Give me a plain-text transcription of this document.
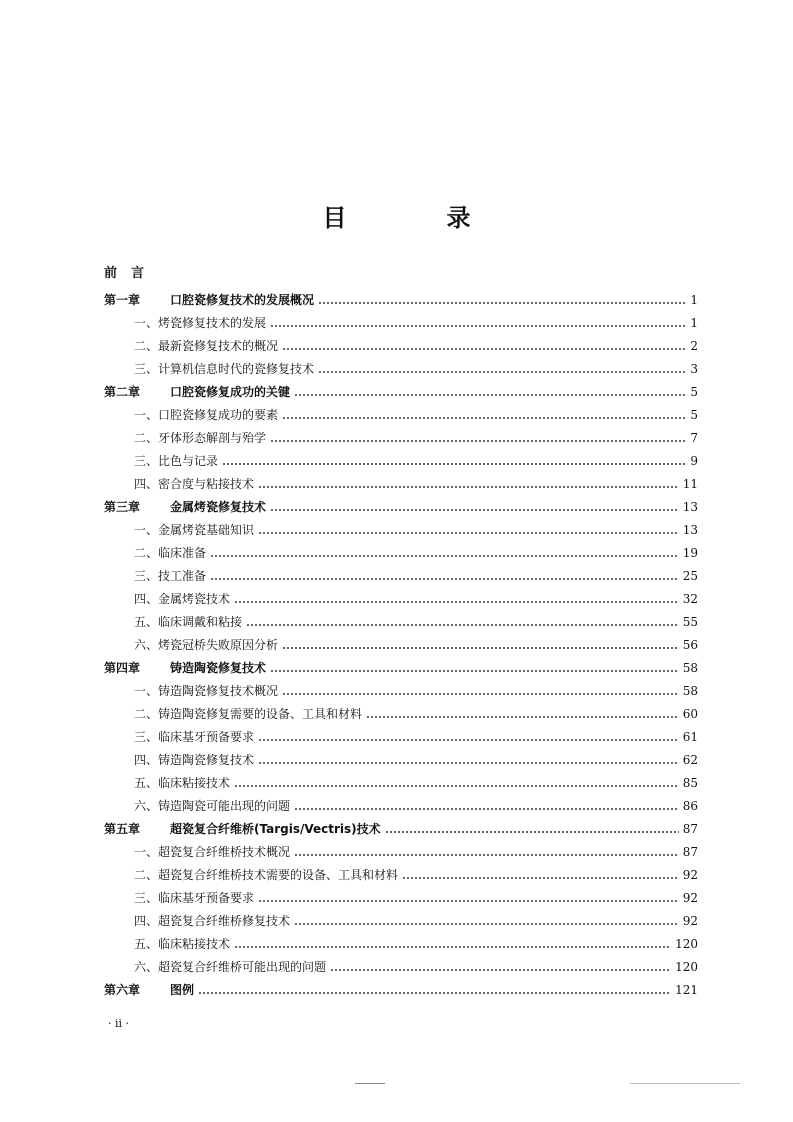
目	录
前 言
第一章 口腔瓷修复技术的发展概况	1
一、烤瓷修复技术的发展	1
二、最新瓷修复技术的概况	2
三、计算机信息时代的瓷修复技术	3
第二章 口腔瓷修复成功的关键	5
一、口腔瓷修复成功的要素	5
二、牙体形态解剖与殆学	7
三、比色与记录	9
四、密合度与粘接技术	11
第三章 金属烤瓷修复技术	13
一、金属烤瓷基础知识	13
二、临床准备	19
三、技工准备	25
四、金属烤瓷技术	32
五、临床调戴和粘接	55
六、烤瓷冠桥失败原因分析	56
第四章 铸造陶瓷修复技术	58
一、铸造陶瓷修复技术概况	58
二、铸造陶瓷修复需要的设备、工具和材料	60
三、临床基牙预备要求	61
四、铸造陶瓷修复技术	62
五、临床粘接技术	85
六、铸造陶瓷可能出现的问题	86
第五章 超瓷复合纤维桥(Targis/Vectris)技术	87
一、超瓷复合纤维桥技术概况	87
二、超瓷复合纤维桥技术需要的设备、工具和材料	92
三、临床基牙预备要求	92
四、超瓷复合纤维桥修复技术	92
五、临床粘接技术	120
六、超瓷复合纤维桥可能出现的问题	120
第六章 图例	121
· ii ·
